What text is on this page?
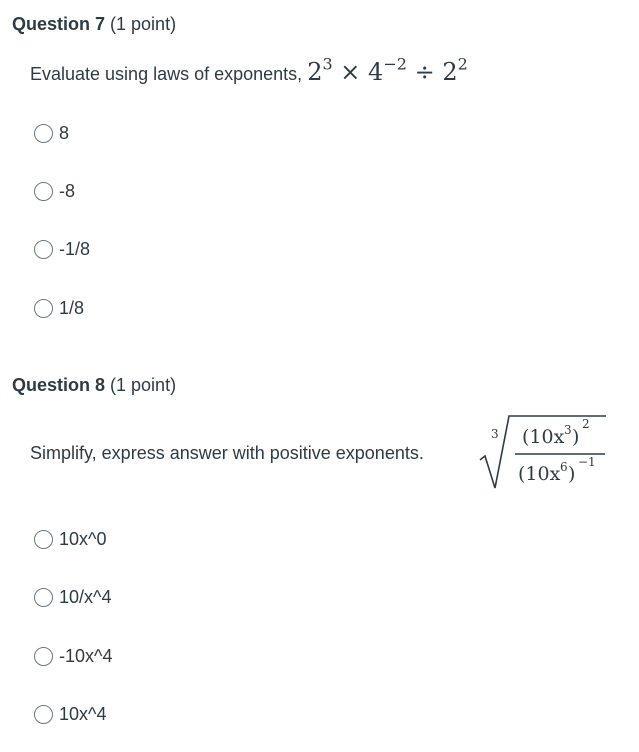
Question 7 (1 point)
Evaluate using laws of exponents, $2^3 \times 4^{-2} \div 2^2$
8
-8
-1/8
1/8
Question 8 (1 point)
Simplify, express answer with positive exponents.
3 (10x 3 )
2
(10x 6 )
−1
10x^0
10/x^4
-10x^4
10x^4
